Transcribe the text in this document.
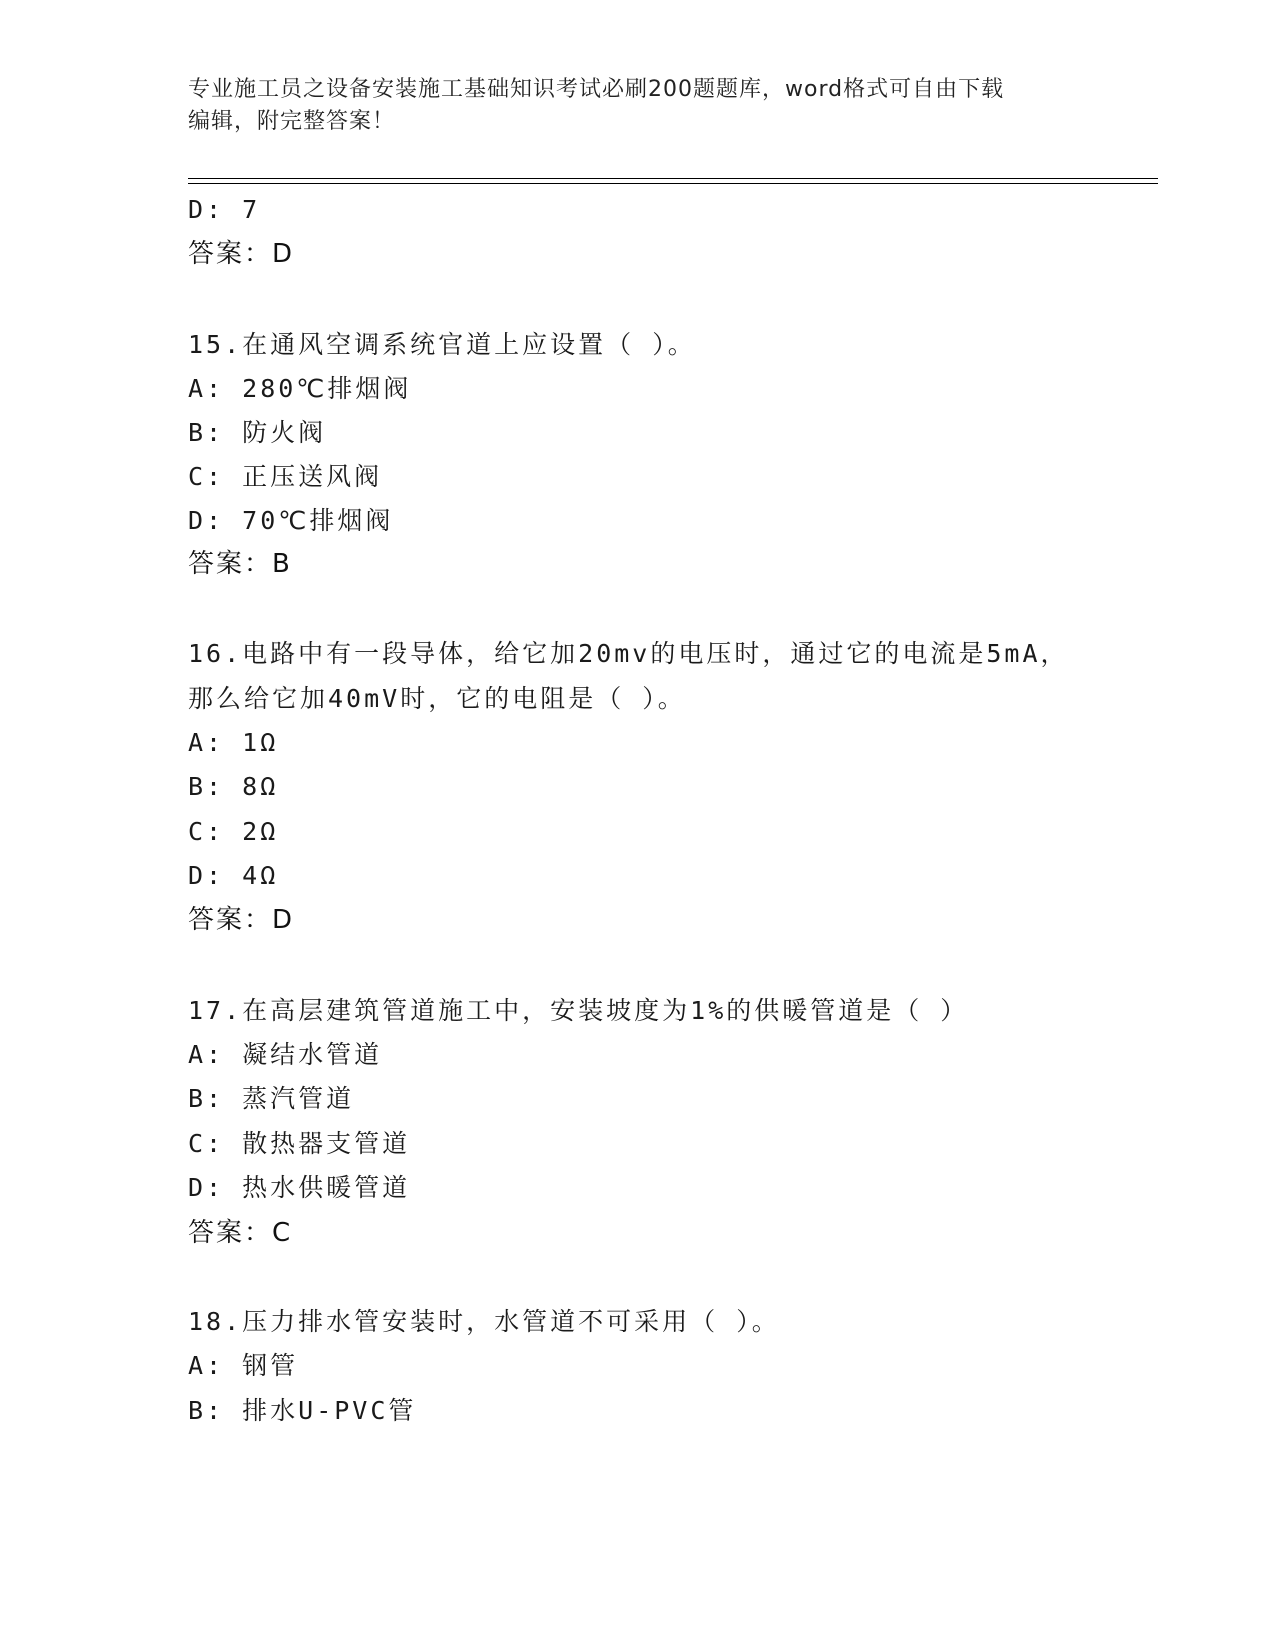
专业施工员之设备安装施工基础知识考试必刷200题题库，word格式可自由下载
编辑，附完整答案！
D: 7
答案：D
15.在通风空调系统官道上应设置（ ）。
A: 280℃排烟阀
B: 防火阀
C: 正压送风阀
D: 70℃排烟阀
答案：B
16.电路中有一段导体，给它加20mv的电压时，通过它的电流是5mA，
那么给它加40mV时，它的电阻是（ ）。
A: 1Ω
B: 8Ω
C: 2Ω
D: 4Ω
答案：D
17.在高层建筑管道施工中，安装坡度为1%的供暖管道是（ ）
A: 凝结水管道
B: 蒸汽管道
C: 散热器支管道
D: 热水供暖管道
答案：C
18.压力排水管安装时，水管道不可采用（ ）。
A: 钢管
B: 排水U-PVC管
